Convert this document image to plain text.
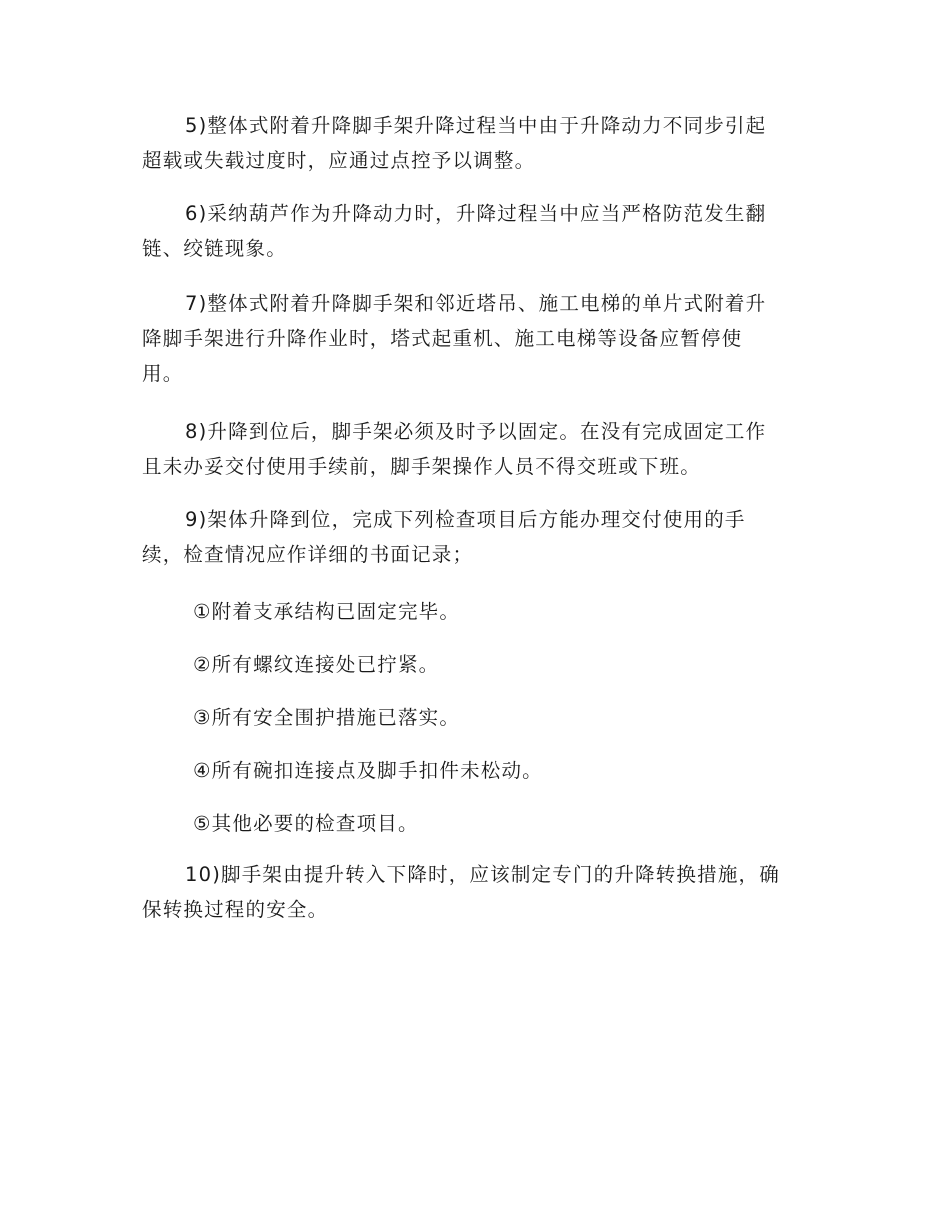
5)整体式附着升降脚手架升降过程当中由于升降动力不同步引起
超载或失载过度时，应通过点控予以调整。

6)采纳葫芦作为升降动力时，升降过程当中应当严格防范发生翻
链、绞链现象。

7)整体式附着升降脚手架和邻近塔吊、施工电梯的单片式附着升
降脚手架进行升降作业时，塔式起重机、施工电梯等设备应暂停使
用。

8)升降到位后，脚手架必须及时予以固定。在没有完成固定工作
且未办妥交付使用手续前，脚手架操作人员不得交班或下班。

9)架体升降到位，完成下列检查项目后方能办理交付使用的手
续，检查情况应作详细的书面记录；

①附着支承结构已固定完毕。

②所有螺纹连接处已拧紧。

③所有安全围护措施已落实。

④所有碗扣连接点及脚手扣件未松动。

⑤其他必要的检查项目。

10)脚手架由提升转入下降时，应该制定专门的升降转换措施，确
保转换过程的安全。
